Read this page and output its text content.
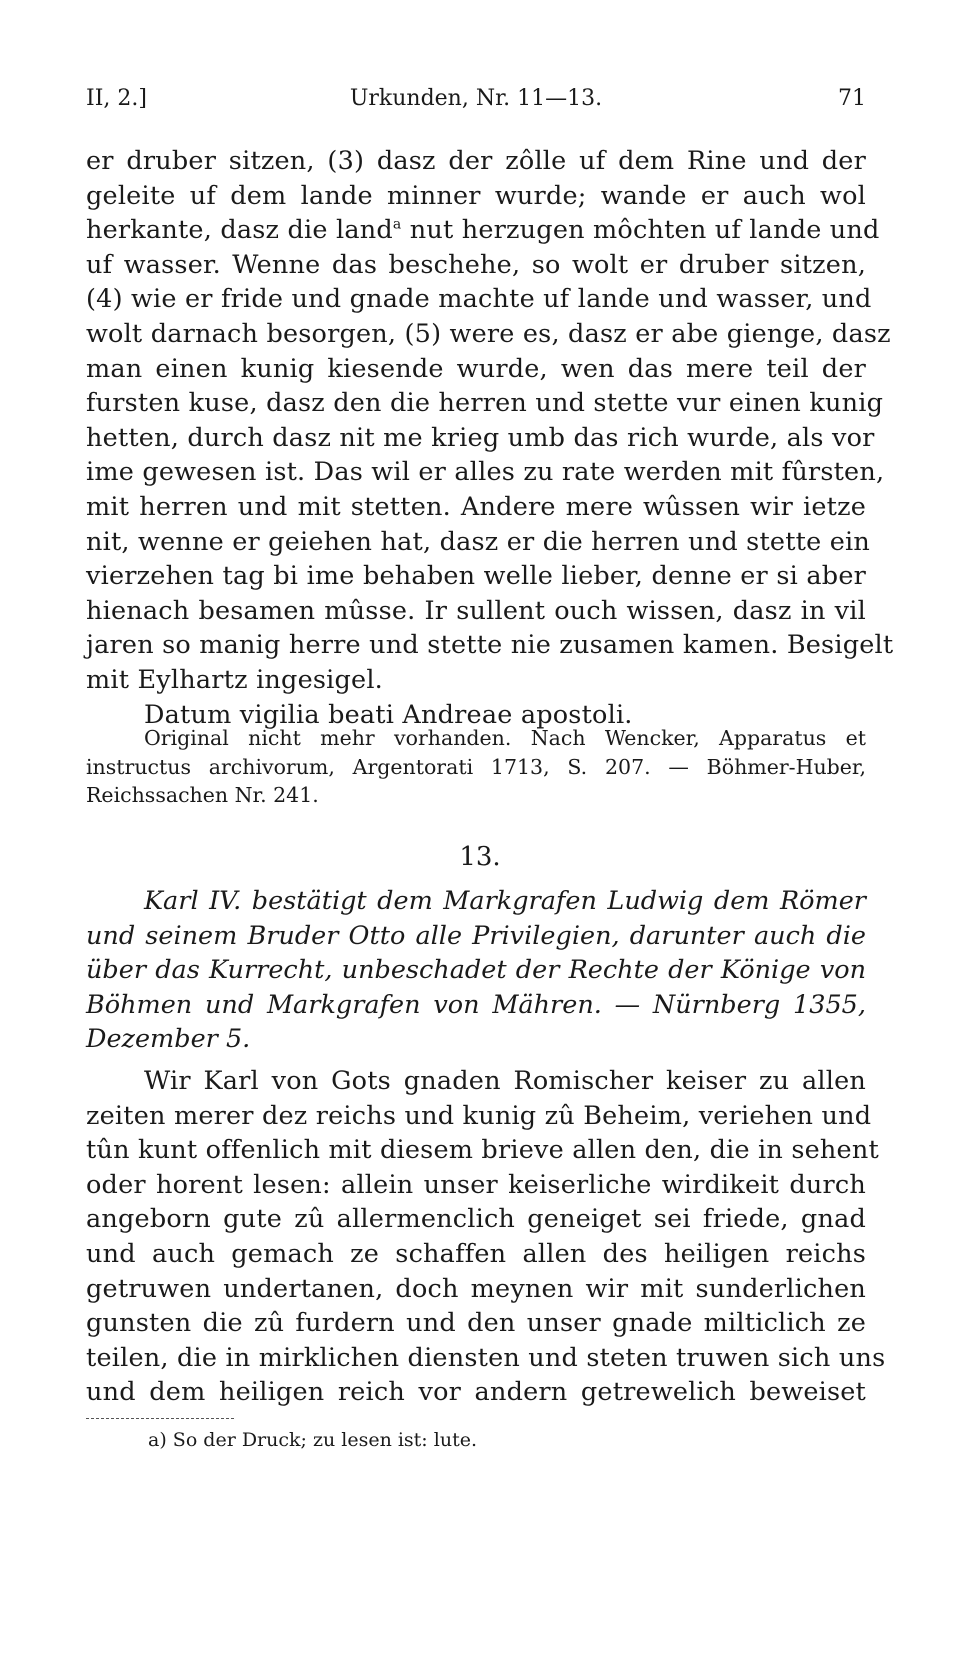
II, 2.]	Urkunden, Nr. 11—13.	71
er druber sitzen, (3) dasz der zôlle uf dem Rine und der
geleite uf dem lande minner wurde; wande er auch wol
herkante, dasz die land$^a$ nut herzugen môchten uf lande und
uf wasser. Wenne das beschehe, so wolt er druber sitzen,
(4) wie er fride und gnade machte uf lande und wasser, und
wolt darnach besorgen, (5) were es, dasz er abe gienge, dasz
man einen kunig kiesende wurde, wen das mere teil der
fursten kuse, dasz den die herren und stette vur einen kunig
hetten, durch dasz nit me krieg umb das rich wurde, als vor
ime gewesen ist. Das wil er alles zu rate werden mit fûrsten,
mit herren und mit stetten. Andere mere wûssen wir ietze
nit, wenne er geiehen hat, dasz er die herren und stette ein
vierzehen tag bi ime behaben welle lieber, denne er si aber
hienach besamen mûsse. Ir sullent ouch wissen, dasz in vil
jaren so manig herre und stette nie zusamen kamen. Besigelt
mit Eylhartz ingesigel.
Datum vigilia beati Andreae apostoli.
Original nicht mehr vorhanden. Nach Wencker, Apparatus et
instructus archivorum, Argentorati 1713, S. 207. — Böhmer-Huber,
Reichssachen Nr. 241.
13.
Karl IV. bestätigt dem Markgrafen Ludwig dem Römer
und seinem Bruder Otto alle Privilegien, darunter auch die
über das Kurrecht, unbeschadet der Rechte der Könige von
Böhmen und Markgrafen von Mähren. — Nürnberg 1355,
Dezember 5.
Wir Karl von Gots gnaden Romischer keiser zu allen
zeiten merer dez reichs und kunig zû Beheim, veriehen und
tûn kunt offenlich mit diesem brieve allen den, die in sehent
oder horent lesen: allein unser keiserliche wirdikeit durch
angeborn gute zû allermenclich geneiget sei friede, gnad
und auch gemach ze schaffen allen des heiligen reichs
getruwen undertanen, doch meynen wir mit sunderlichen
gunsten die zû furdern und den unser gnade milticlich ze
teilen, die in mirklichen diensten und steten truwen sich uns
und dem heiligen reich vor andern getrewelich beweiset
a) So der Druck; zu lesen ist: lute.
